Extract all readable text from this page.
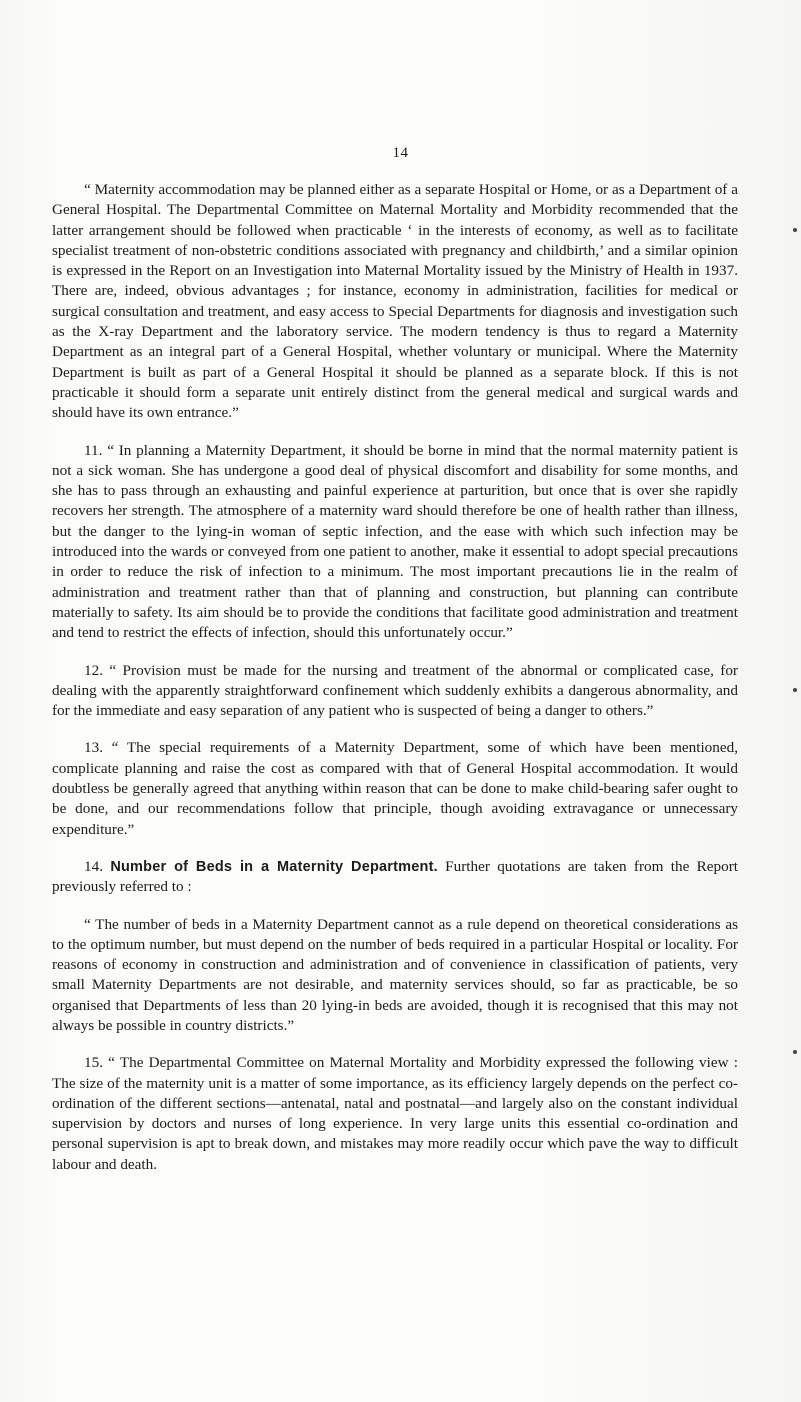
14

“ Maternity accommodation may be planned either as a separate Hospital or Home, or as a Department of a General Hospital. The Departmental Committee on Maternal Mortality and Morbidity recommended that the latter arrangement should be followed when practicable ‘ in the interests of economy, as well as to facilitate specialist treatment of non-obstetric conditions associated with pregnancy and childbirth,’ and a similar opinion is expressed in the Report on an Investigation into Maternal Mortality issued by the Ministry of Health in 1937. There are, indeed, obvious advantages ; for instance, economy in administration, facilities for medical or surgical consultation and treatment, and easy access to Special Departments for diagnosis and investigation such as the X-ray Department and the laboratory service. The modern tendency is thus to regard a Maternity Department as an integral part of a General Hospital, whether voluntary or municipal. Where the Maternity Department is built as part of a General Hospital it should be planned as a separate block. If this is not practicable it should form a separate unit entirely distinct from the general medical and surgical wards and should have its own entrance.”

11. “ In planning a Maternity Department, it should be borne in mind that the normal maternity patient is not a sick woman. She has undergone a good deal of physical discomfort and disability for some months, and she has to pass through an exhausting and painful experience at parturition, but once that is over she rapidly recovers her strength. The atmosphere of a maternity ward should therefore be one of health rather than illness, but the danger to the lying-in woman of septic infection, and the ease with which such infection may be introduced into the wards or conveyed from one patient to another, make it essential to adopt special precautions in order to reduce the risk of infection to a minimum. The most important precautions lie in the realm of administration and treatment rather than that of planning and construction, but planning can contribute materially to safety. Its aim should be to provide the conditions that facilitate good administration and treatment and tend to restrict the effects of infection, should this unfortunately occur.”

12. “ Provision must be made for the nursing and treatment of the abnormal or complicated case, for dealing with the apparently straightforward confinement which suddenly exhibits a dangerous abnormality, and for the immediate and easy separation of any patient who is suspected of being a danger to others.”

13. “ The special requirements of a Maternity Department, some of which have been mentioned, complicate planning and raise the cost as compared with that of General Hospital accommodation. It would doubtless be generally agreed that anything within reason that can be done to make child-bearing safer ought to be done, and our recommendations follow that principle, though avoiding extravagance or unnecessary expenditure.”

14. Number of Beds in a Maternity Department. Further quotations are taken from the Report previously referred to :

“ The number of beds in a Maternity Department cannot as a rule depend on theoretical considerations as to the optimum number, but must depend on the number of beds required in a particular Hospital or locality. For reasons of economy in construction and administration and of convenience in classification of patients, very small Maternity Departments are not desirable, and maternity services should, so far as practicable, be so organised that Departments of less than 20 lying-in beds are avoided, though it is recognised that this may not always be possible in country districts.”

15. “ The Departmental Committee on Maternal Mortality and Morbidity expressed the following view : The size of the maternity unit is a matter of some importance, as its efficiency largely depends on the perfect co-ordination of the different sections—antenatal, natal and postnatal—and largely also on the constant individual supervision by doctors and nurses of long experience. In very large units this essential co-ordination and personal supervision is apt to break down, and mistakes may more readily occur which pave the way to difficult labour and death.
